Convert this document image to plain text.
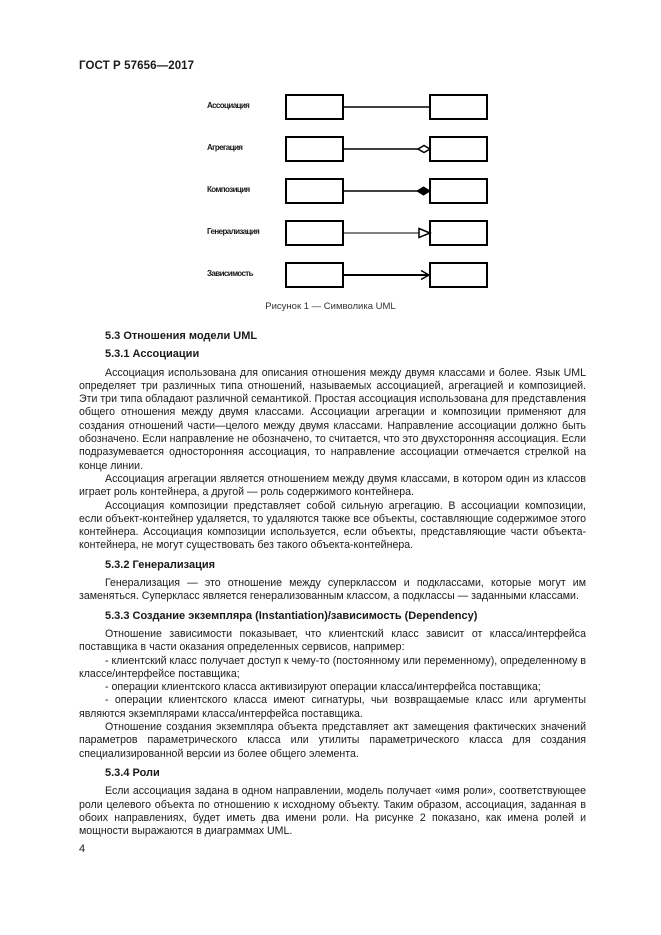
ГОСТ Р 57656—2017
Ассоциация
Агрегация
Композиция
Генерализация
Зависимость
Рисунок 1 — Символика UML
5.3 Отношения модели UML
5.3.1 Ассоциации

Ассоциация использована для описания отношения между двумя классами и более. Язык UML определяет три различных типа отношений, называемых ассоциацией, агрегацией и композицией. Эти три типа обладают различной семантикой. Простая ассоциация использована для представления общего отношения между двумя классами. Ассоциации агрегации и композиции применяют для создания отношений части—целого между двумя классами. Направление ассоциации должно быть обозначено. Если направление не обозначено, то считается, что это двухсторонняя ассоциация. Если подразумевается односторонняя ассоциация, то направление ассоциации отмечается стрелкой на конце линии.

Ассоциация агрегации является отношением между двумя классами, в котором один из классов играет роль контейнера, а другой — роль содержимого контейнера.

Ассоциация композиции представляет собой сильную агрегацию. В ассоциации композиции, если объект-контейнер удаляется, то удаляются также все объекты, составляющие содержимое этого контейнера. Ассоциация композиции используется, если объекты, представляющие части объекта-контейнера, не могут существовать без такого объекта-контейнера.

5.3.2 Генерализация

Генерализация — это отношение между суперклассом и подклассами, которые могут им заменяться. Суперкласс является генерализованным классом, а подклассы — заданными классами.

5.3.3 Создание экземпляра (Instantiation)/зависимость (Dependency)

Отношение зависимости показывает, что клиентский класс зависит от класса/интерфейса поставщика в части оказания определенных сервисов, например:

- клиентский класс получает доступ к чему-то (постоянному или переменному), определенному в классе/интерфейсе поставщика;

- операции клиентского класса активизируют операции класса/интерфейса поставщика;

- операции клиентского класса имеют сигнатуры, чьи возвращаемые класс или аргументы являются экземплярами класса/интерфейса поставщика.

Отношение создания экземпляра объекта представляет акт замещения фактических значений параметров параметрического класса или утилиты параметрического класса для создания специализированной версии из более общего элемента.

5.3.4 Роли

Если ассоциация задана в одном направлении, модель получает «имя роли», соответствующее роли целевого объекта по отношению к исходному объекту. Таким образом, ассоциация, заданная в обоих направлениях, будет иметь два имени роли. На рисунке 2 показано, как имена ролей и мощности выражаются в диаграммах UML.

4
